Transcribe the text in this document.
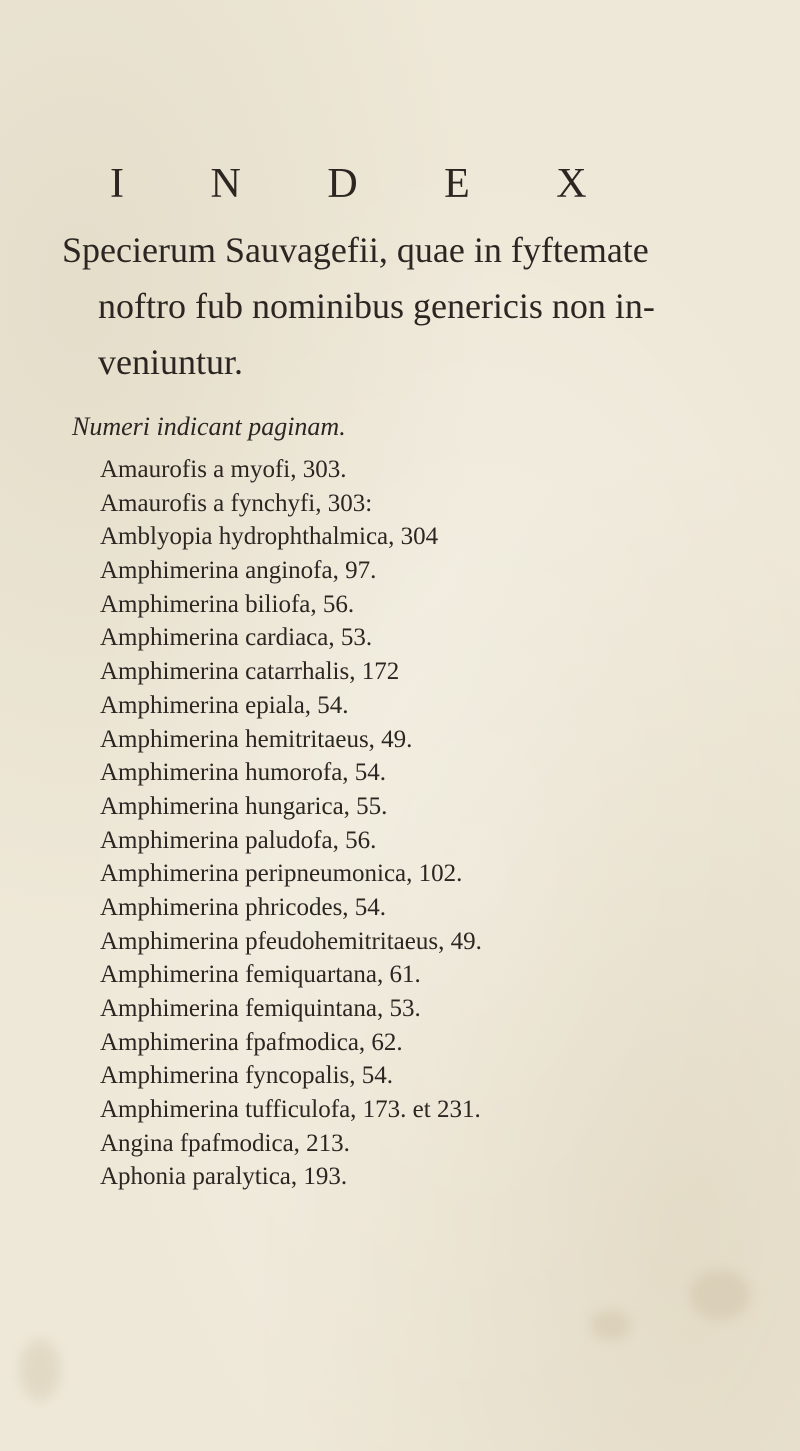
I N D E X
Specierum Sauvagefii, quae in fyftemate
noftro fub nominibus genericis non in-
veniuntur.
Numeri indicant paginam.
Amaurofis a myofi, 303.
Amaurofis a fynchyfi, 303:
Amblyopia hydrophthalmica, 304
Amphimerina anginofa, 97.
Amphimerina biliofa, 56.
Amphimerina cardiaca, 53.
Amphimerina catarrhalis, 172
Amphimerina epiala, 54.
Amphimerina hemitritaeus, 49.
Amphimerina humorofa, 54.
Amphimerina hungarica, 55.
Amphimerina paludofa, 56.
Amphimerina peripneumonica, 102.
Amphimerina phricodes, 54.
Amphimerina pfeudohemitritaeus, 49.
Amphimerina femiquartana, 61.
Amphimerina femiquintana, 53.
Amphimerina fpafmodica, 62.
Amphimerina fyncopalis, 54.
Amphimerina tufficulofa, 173. et 231.
Angina fpafmodica, 213.
Aphonia paralytica, 193.
